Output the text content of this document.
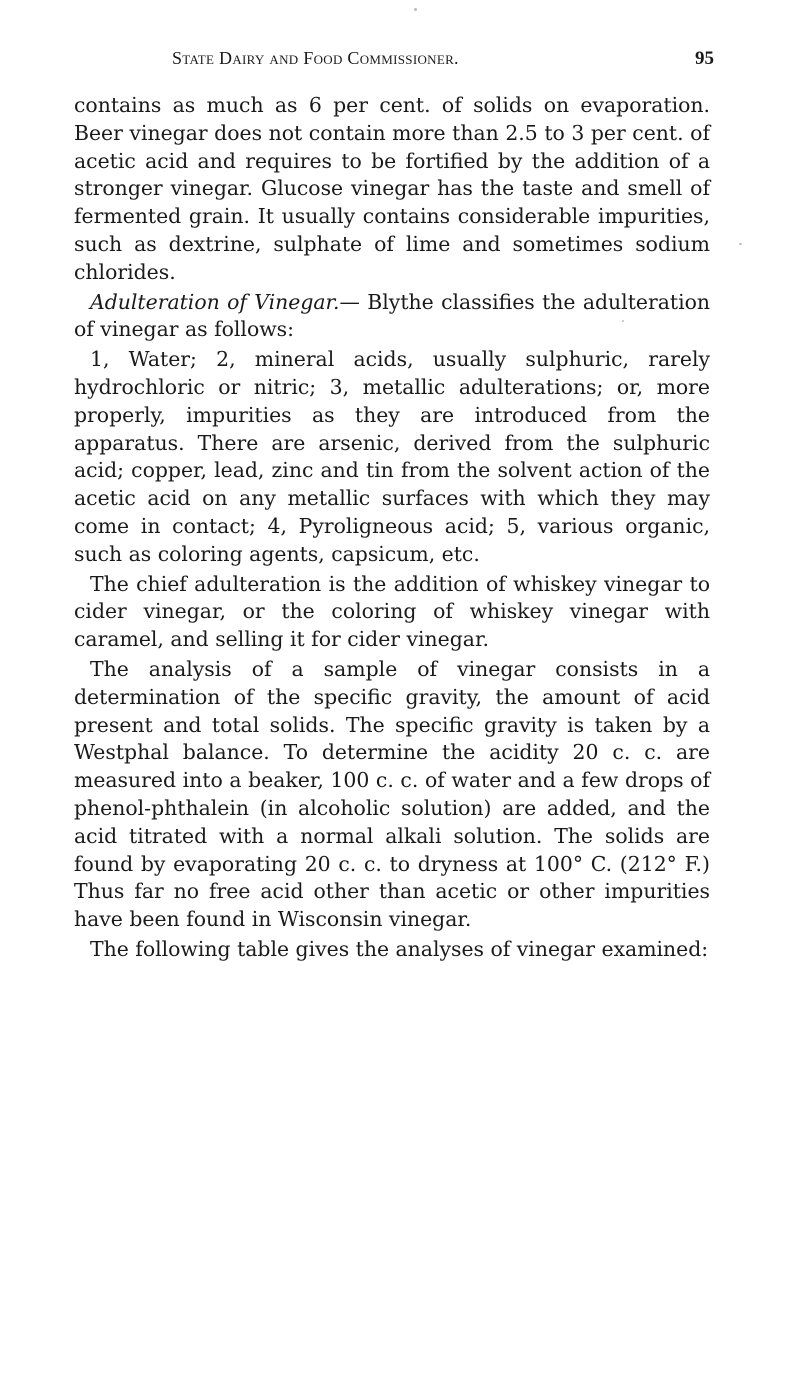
State Dairy and Food Commissioner.	95

contains as much as 6 per cent. of solids on evaporation. Beer vinegar does not contain more than 2.5 to 3 per cent. of acetic acid and requires to be fortified by the addition of a stronger vinegar. Glucose vinegar has the taste and smell of fermented grain. It usually contains considerable impurities, such as dextrine, sulphate of lime and sometimes sodium chlorides.

Adulteration of Vinegar.— Blythe classifies the adulteration of vinegar as follows:

1, Water; 2, mineral acids, usually sulphuric, rarely hydrochloric or nitric; 3, metallic adulterations; or, more properly, impurities as they are introduced from the apparatus. There are arsenic, derived from the sulphuric acid; copper, lead, zinc and tin from the solvent action of the acetic acid on any metallic surfaces with which they may come in contact; 4, Pyroligneous acid; 5, various organic, such as coloring agents, capsicum, etc.

The chief adulteration is the addition of whiskey vinegar to cider vinegar, or the coloring of whiskey vinegar with caramel, and selling it for cider vinegar.

The analysis of a sample of vinegar consists in a determination of the specific gravity, the amount of acid present and total solids. The specific gravity is taken by a Westphal balance. To determine the acidity 20 c. c. are measured into a beaker, 100 c. c. of water and a few drops of phenol-phthalein (in alcoholic solution) are added, and the acid titrated with a normal alkali solution. The solids are found by evaporating 20 c. c. to dryness at 100° C. (212° F.) Thus far no free acid other than acetic or other impurities have been found in Wisconsin vinegar.

The following table gives the analyses of vinegar examined:
